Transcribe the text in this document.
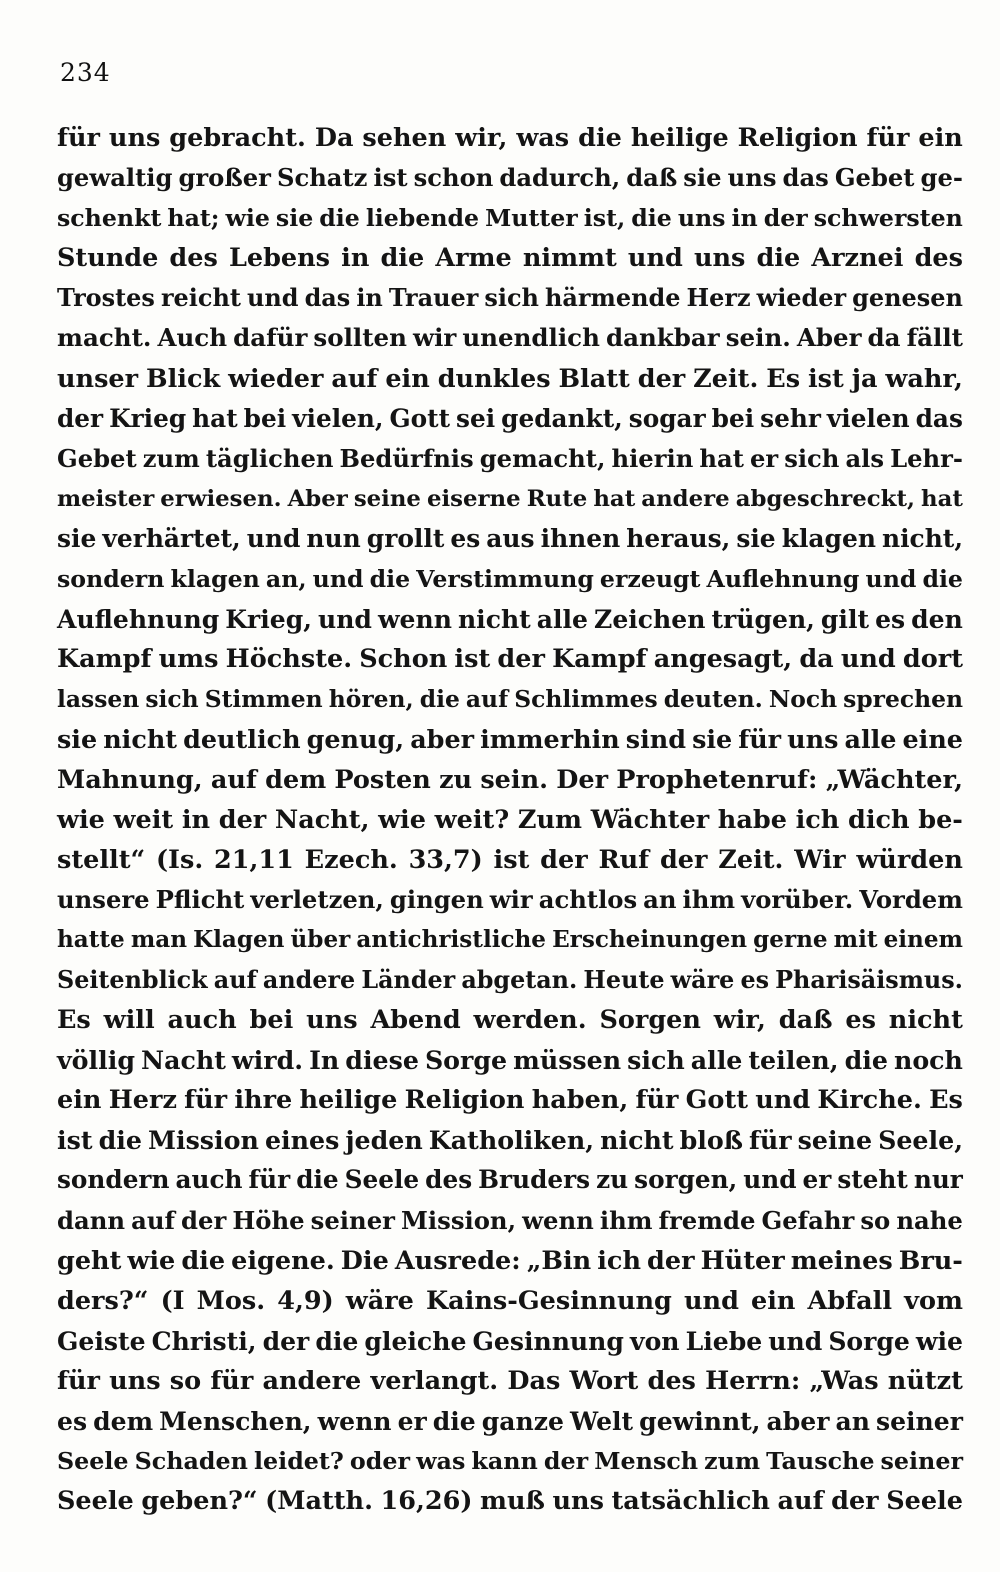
234
für uns gebracht. Da sehen wir, was die heilige Religion für ein
gewaltig großer Schatz ist schon dadurch, daß sie uns das Gebet ge-
schenkt hat; wie sie die liebende Mutter ist, die uns in der schwersten
Stunde des Lebens in die Arme nimmt und uns die Arznei des
Trostes reicht und das in Trauer sich härmende Herz wieder genesen
macht. Auch dafür sollten wir unendlich dankbar sein. Aber da fällt
unser Blick wieder auf ein dunkles Blatt der Zeit. Es ist ja wahr,
der Krieg hat bei vielen, Gott sei gedankt, sogar bei sehr vielen das
Gebet zum täglichen Bedürfnis gemacht, hierin hat er sich als Lehr-
meister erwiesen. Aber seine eiserne Rute hat andere abgeschreckt, hat
sie verhärtet, und nun grollt es aus ihnen heraus, sie klagen nicht,
sondern klagen an, und die Verstimmung erzeugt Auflehnung und die
Auflehnung Krieg, und wenn nicht alle Zeichen trügen, gilt es den
Kampf ums Höchste. Schon ist der Kampf angesagt, da und dort
lassen sich Stimmen hören, die auf Schlimmes deuten. Noch sprechen
sie nicht deutlich genug, aber immerhin sind sie für uns alle eine
Mahnung, auf dem Posten zu sein. Der Prophetenruf: „Wächter,
wie weit in der Nacht, wie weit? Zum Wächter habe ich dich be-
stellt“ (Is. 21,11 Ezech. 33,7) ist der Ruf der Zeit. Wir würden
unsere Pflicht verletzen, gingen wir achtlos an ihm vorüber. Vordem
hatte man Klagen über antichristliche Erscheinungen gerne mit einem
Seitenblick auf andere Länder abgetan. Heute wäre es Pharisäismus.
Es will auch bei uns Abend werden. Sorgen wir, daß es nicht
völlig Nacht wird. In diese Sorge müssen sich alle teilen, die noch
ein Herz für ihre heilige Religion haben, für Gott und Kirche. Es
ist die Mission eines jeden Katholiken, nicht bloß für seine Seele,
sondern auch für die Seele des Bruders zu sorgen, und er steht nur
dann auf der Höhe seiner Mission, wenn ihm fremde Gefahr so nahe
geht wie die eigene. Die Ausrede: „Bin ich der Hüter meines Bru-
ders?“ (I Mos. 4,9) wäre Kains-Gesinnung und ein Abfall vom
Geiste Christi, der die gleiche Gesinnung von Liebe und Sorge wie
für uns so für andere verlangt. Das Wort des Herrn: „Was nützt
es dem Menschen, wenn er die ganze Welt gewinnt, aber an seiner
Seele Schaden leidet? oder was kann der Mensch zum Tausche seiner
Seele geben?“ (Matth. 16,26) muß uns tatsächlich auf der Seele
